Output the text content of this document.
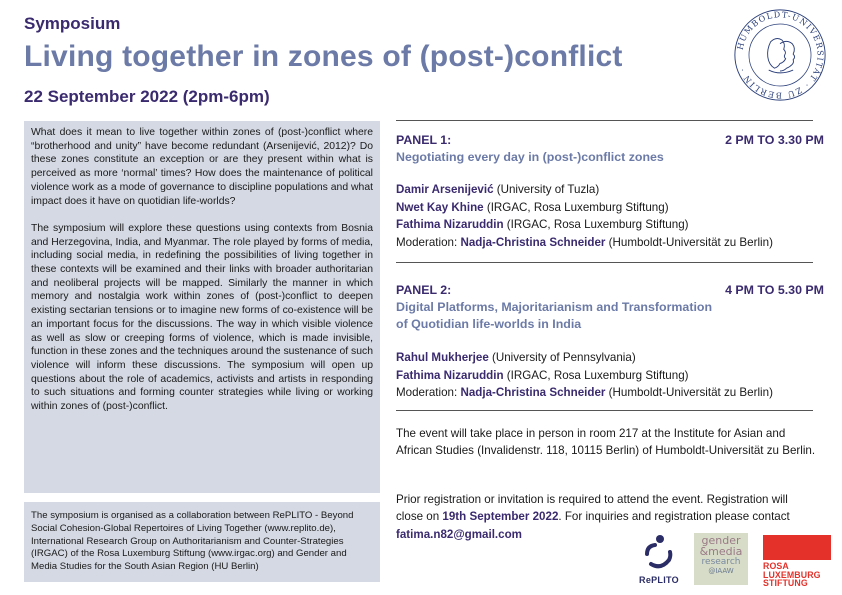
Symposium
Living together in zones of (post-)conflict
22 September 2022 (2pm-6pm)
HUMBOLDT-UNIVERSITÄT · ZU BERLIN ·

What does it mean to live together within zones of (post-)conflict where “brotherhood and unity” have become redundant (Arsenijević, 2012)? Do these zones constitute an exception or are they present within what is perceived as more ‘normal’ times? How does the maintenance of political violence work as a mode of governance to discipline populations and what impact does it have on quotidian life-worlds?

The symposium will explore these questions using contexts from Bosnia and Herzegovina, India, and Myanmar. The role played by forms of media, including social media, in redefining the possibilities of living together in these contexts will be examined and their links with broader authoritarian and neoliberal projects will be mapped. Similarly the manner in which memory and nostalgia work within zones of (post-)conflict to deepen existing sectarian tensions or to imagine new forms of co-existence will be an important focus for the discussions. The way in which visible violence as well as slow or creeping forms of violence, which is made invisible, function in these zones and the techniques around the sustenance of such violence will inform these discussions. The symposium will open up questions about the role of academics, activists and artists in responding to such situations and forming counter strategies while living or working within zones of (post-)conflict.

The symposium is organised as a collaboration between RePLITO - Beyond Social Cohesion-Global Repertoires of Living Together (www.replito.de), International Research Group on Authoritarianism and Counter-Strategies (IRGAC) of the Rosa Luxemburg Stiftung (www.irgac.org) and Gender and Media Studies for the South Asian Region (HU Berlin)

PANEL 1:	2 PM TO 3.30 PM
Negotiating every day in (post-)conflict zones
Damir Arsenijević (University of Tuzla)
Nwet Kay Khine (IRGAC, Rosa Luxemburg Stiftung)
Fathima Nizaruddin (IRGAC, Rosa Luxemburg Stiftung)
Moderation: Nadja-Christina Schneider (Humboldt-Universität zu Berlin)
PANEL 2:	4 PM TO 5.30 PM
Digital Platforms, Majoritarianism and Transformation
of Quotidian life-worlds in India
Rahul Mukherjee (University of Pennsylvania)
Fathima Nizaruddin (IRGAC, Rosa Luxemburg Stiftung)
Moderation: Nadja-Christina Schneider (Humboldt-Universität zu Berlin)
The event will take place in person in room 217 at the Institute for Asian and African Studies (Invalidenstr. 118, 10115 Berlin) of Humboldt-Universität zu Berlin.
Prior registration or invitation is required to attend the event. Registration will close on 19th September 2022. For inquiries and registration please contact fatima.n82@gmail.com
RePLITO
gender
&media
research
@IAAW	ROSA
LUXEMBURG
STIFTUNG
